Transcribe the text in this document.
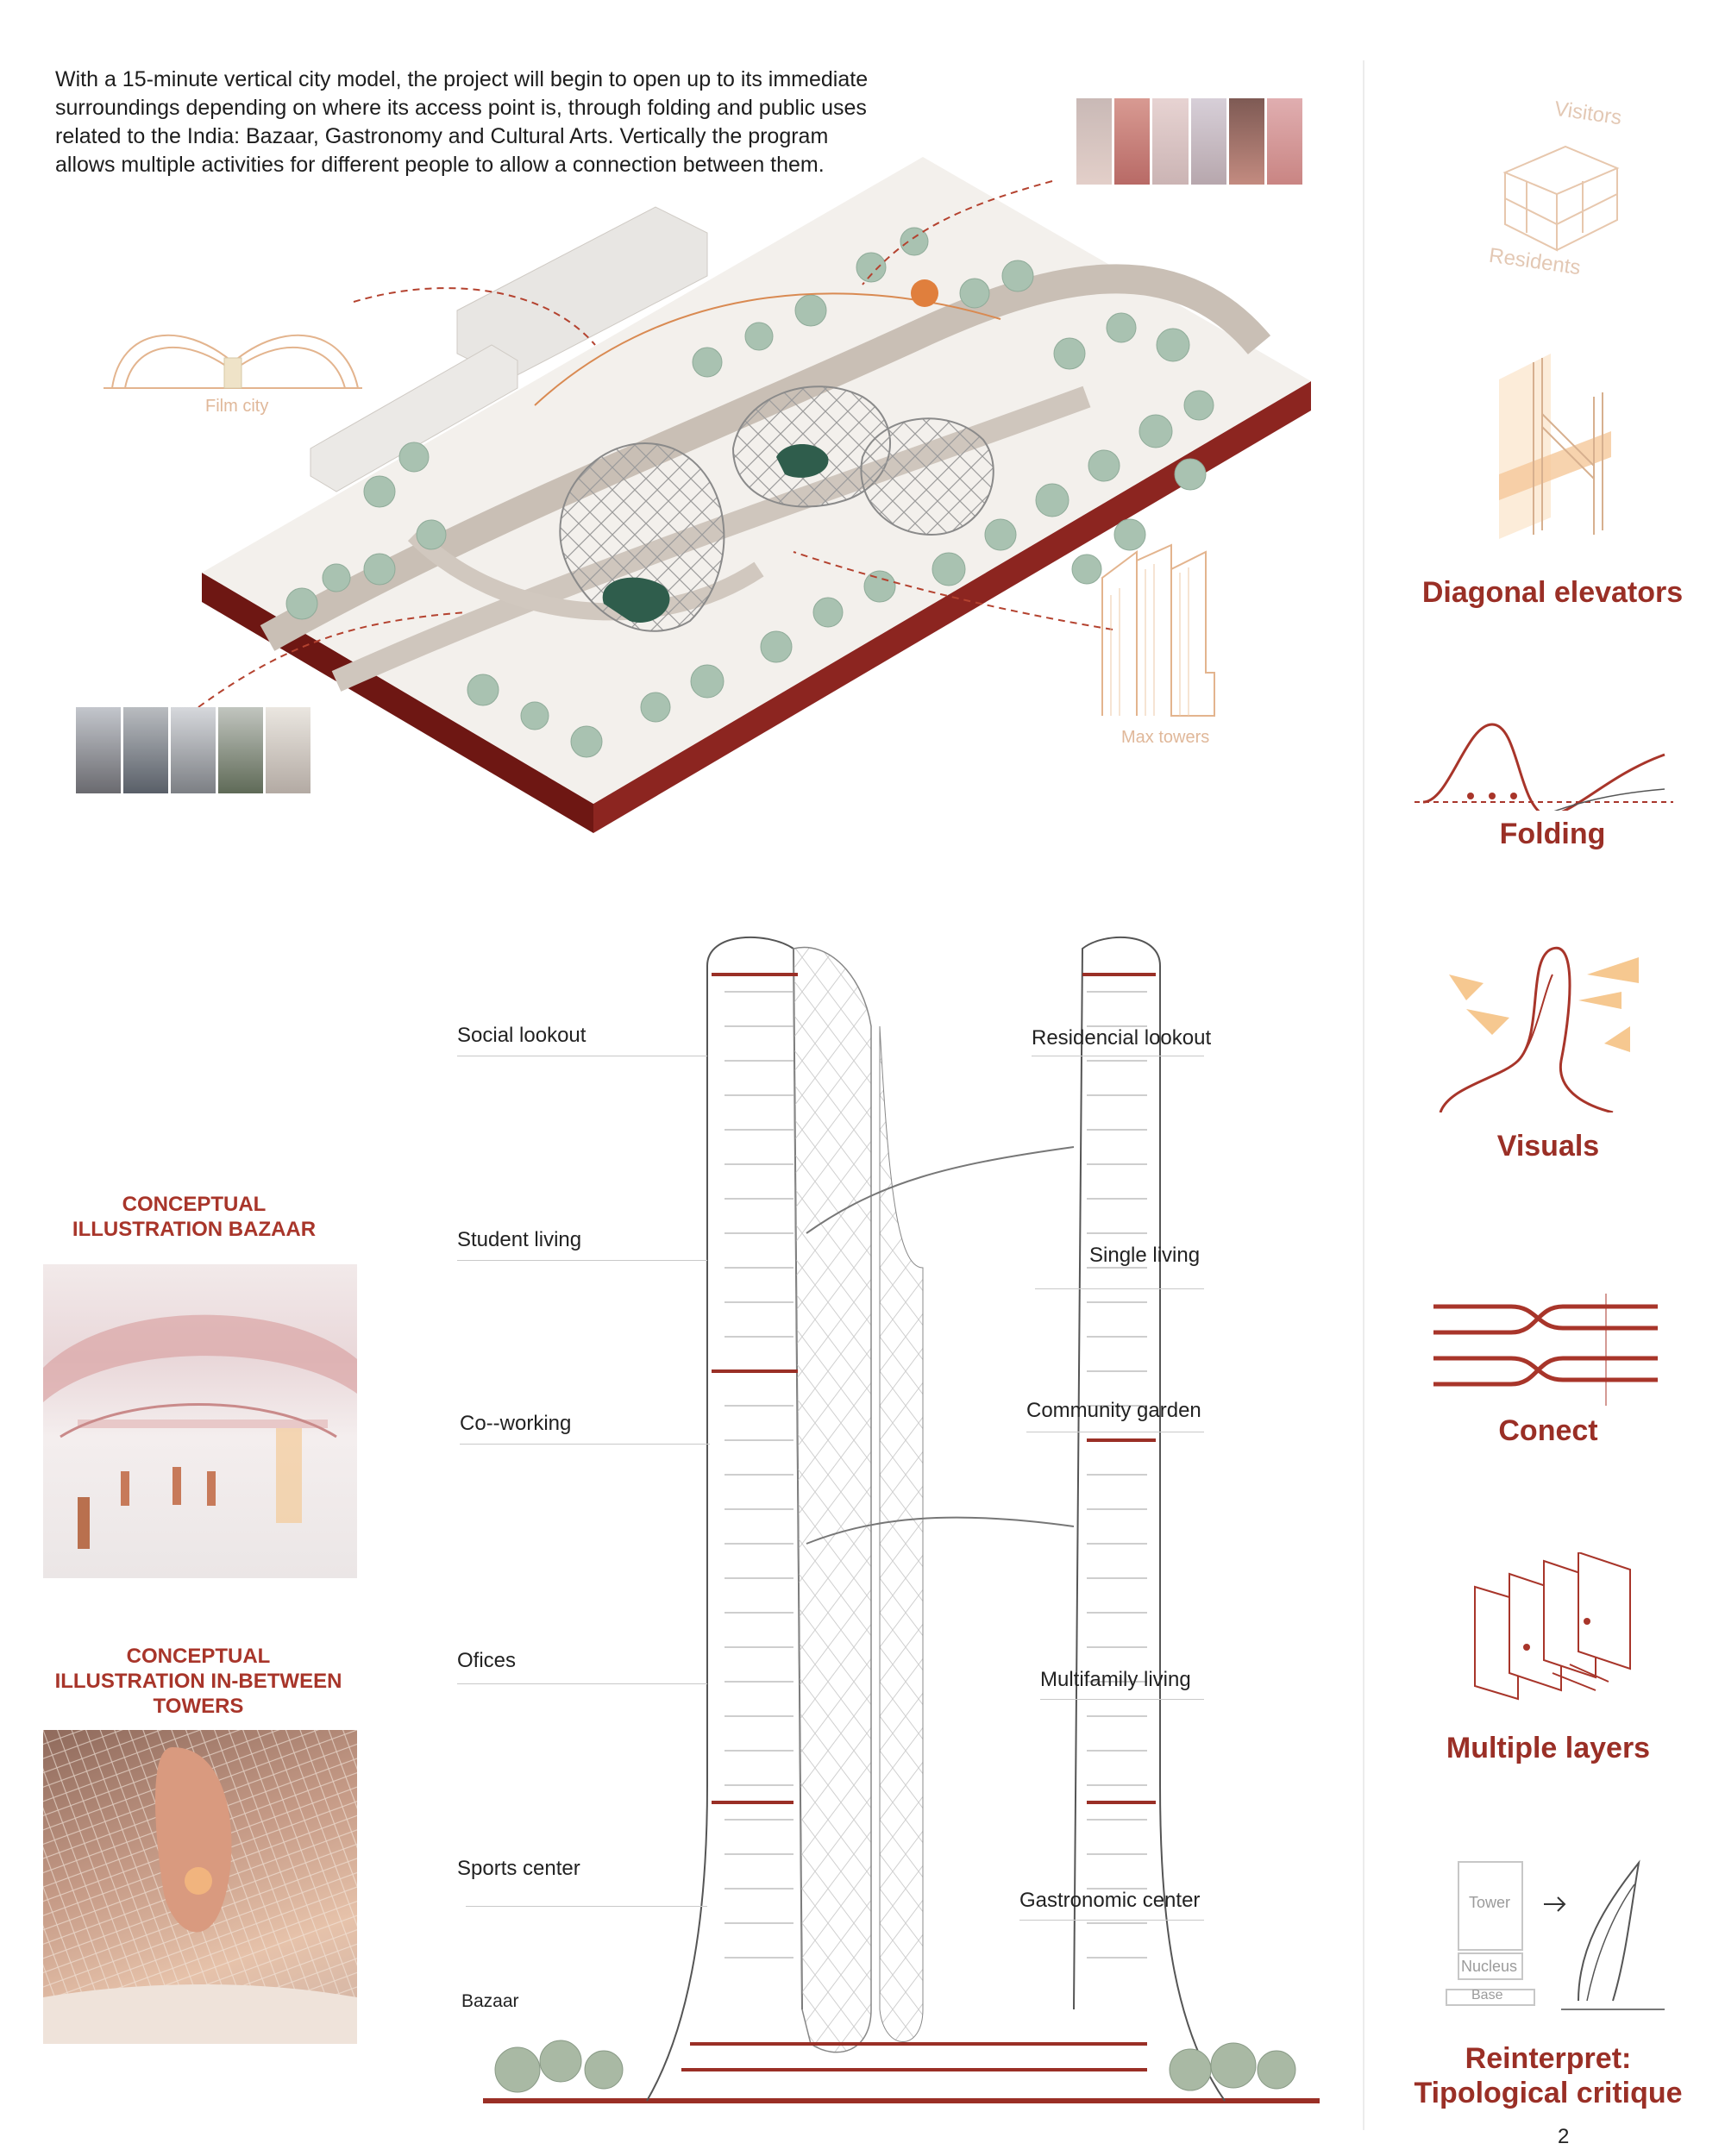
With a 15-minute vertical city model, the project will begin to open up to its immediate surroundings depending on where its access point is, through folding and public uses related to the India: Bazaar, Gastronomy and Cultural Arts. Vertically the program allows multiple activities for different people to allow a connection between them.
Film city
Max towers
Visitors
Residents
Diagonal elevators
Folding
Visuals
Conect
Multiple layers
Tower
Nucleus
Base
Reinterpret:
Tipological critique
CONCEPTUAL
ILLUSTRATION BAZAAR
CONCEPTUAL
ILLUSTRATION IN-BETWEEN
TOWERS
Social lookout
Student living
Co--working
Ofices
Sports center
Bazaar
Residencial lookout
Single living
Community garden
Multifamily living
Gastronomic center
2
